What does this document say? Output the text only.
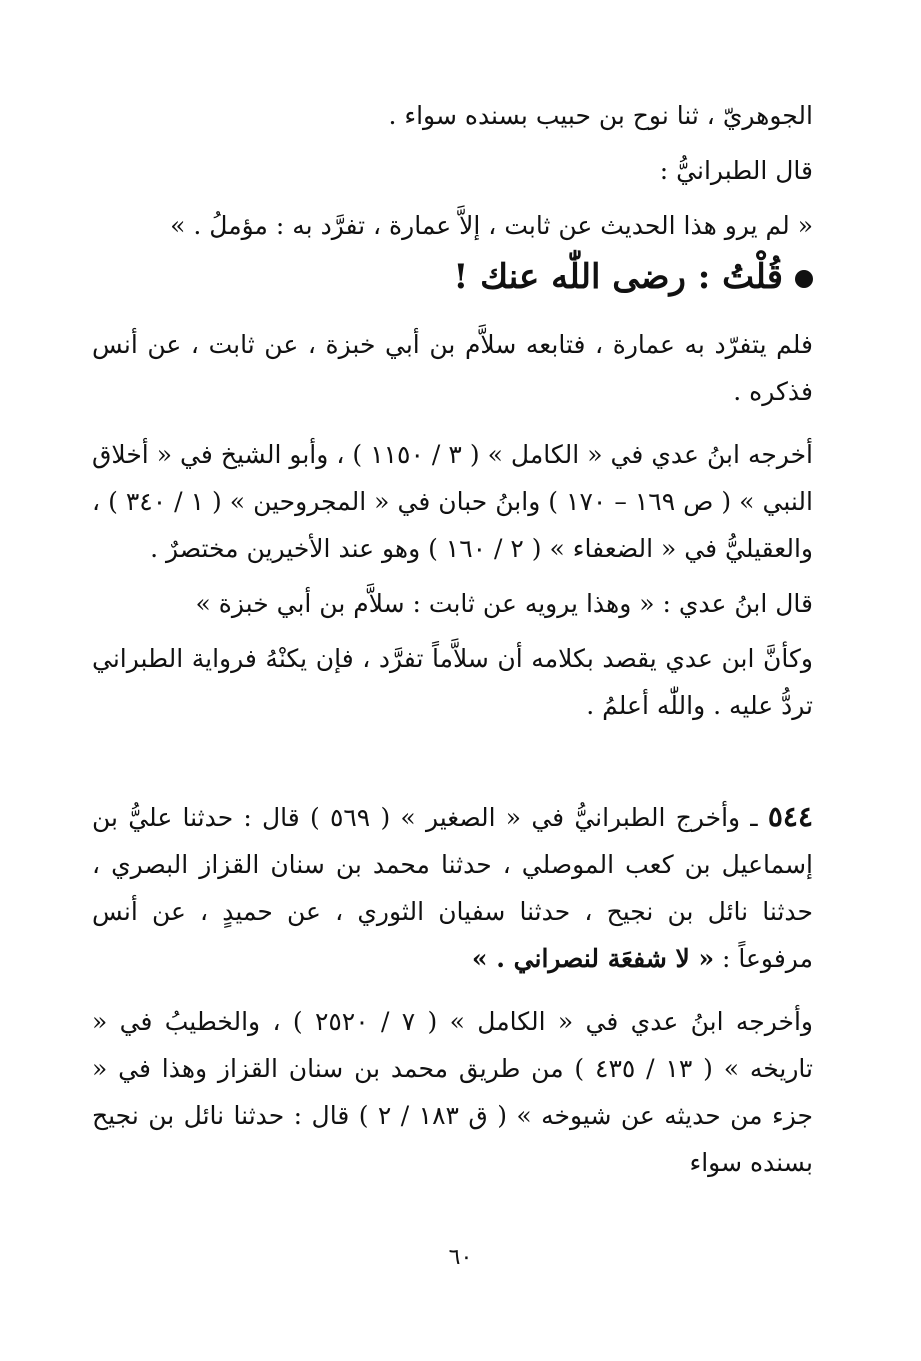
الجوهريّ ، ثنا نوح بن حبيب بسنده سواء .

قال الطبرانيُّ :

« لم يرو هذا الحديث عن ثابت ، إلاَّ عمارة ، تفرَّد به : مؤملُ . »

قُلْتُ : رضى اللّٰه عنك !

فلم يتفرّد به عمارة ، فتابعه سلاَّم بن أبي خبزة ، عن ثابت ، عن أنس فذكره .

أخرجه ابنُ عدي في « الكامل » ( ٣ / ١١٥٠ ) ، وأبو الشيخ في « أخلاق النبي » ( ص ١٦٩ – ١٧٠ ) وابنُ حبان في « المجروحين » ( ١ / ٣٤٠ ) ، والعقيليُّ في « الضعفاء » ( ٢ / ١٦٠ ) وهو عند الأخيرين مختصرٌ .

قال ابنُ عدي : « وهذا يرويه عن ثابت : سلاَّم بن أبي خبزة »

وكأنَّ ابن عدي يقصد بكلامه أن سلاَّماً تفرَّد ، فإن يكنْهُ فرواية الطبراني تردُّ عليه . واللّٰه أعلمُ .

٥٤٤ ـ وأخرج الطبرانيُّ في « الصغير » ( ٥٦٩ ) قال : حدثنا عليُّ بن إسماعيل بن كعب الموصلي ، حدثنا محمد بن سنان القزاز البصري ، حدثنا نائل بن نجيح ، حدثنا سفيان الثوري ، عن حميدٍ ، عن أنس مرفوعاً : « لا شفعَة لنصراني . »

وأخرجه ابنُ عدي في « الكامل » ( ٧ / ٢٥٢٠ ) ، والخطيبُ في « تاريخه » ( ١٣ / ٤٣٥ ) من طريق محمد بن سنان القزاز وهذا في « جزء من حديثه عن شيوخه » ( ق ١٨٣ / ٢ ) قال : حدثنا نائل بن نجيح بسنده سواء

٦٠
